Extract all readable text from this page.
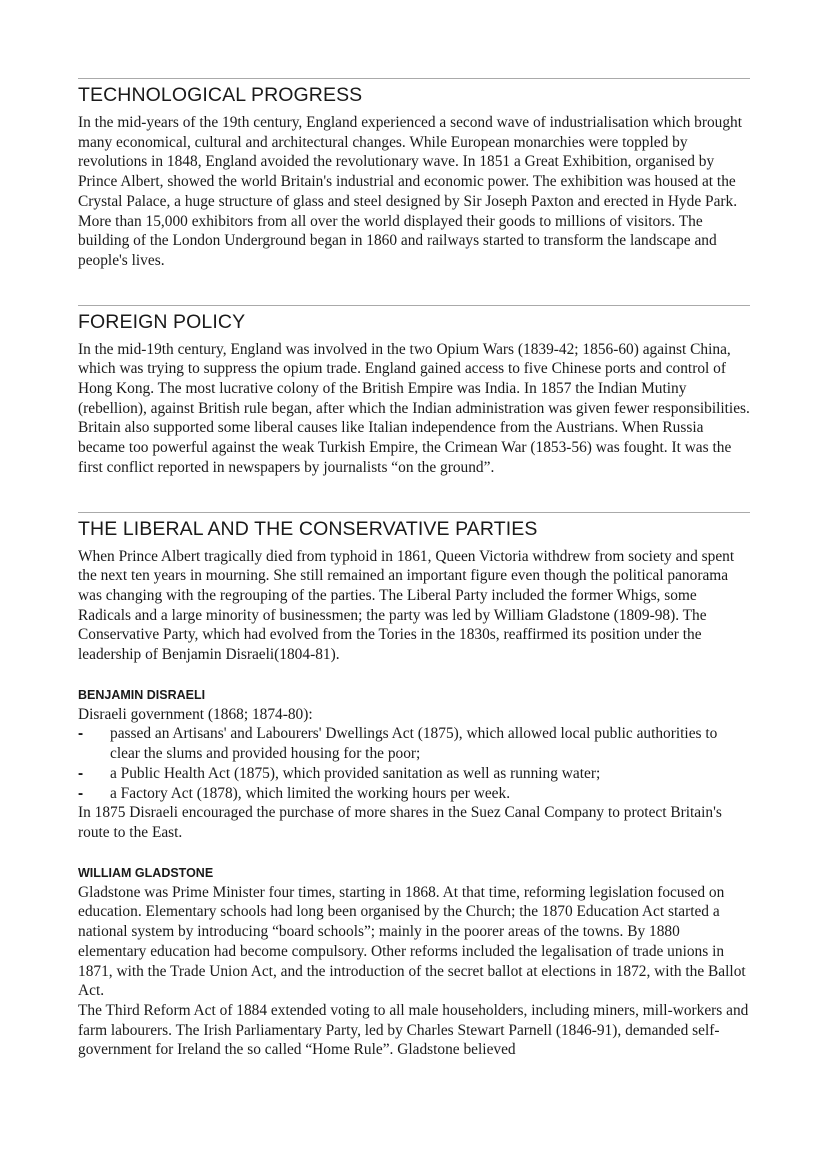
TECHNOLOGICAL PROGRESS

In the mid-years of the 19th century, England experienced a second wave of industrialisation which brought many economical, cultural and architectural changes. While European monarchies were toppled by revolutions in 1848, England avoided the revolutionary wave. In 1851 a Great Exhibition, organised by Prince Albert, showed the world Britain's industrial and economic power. The exhibition was housed at the Crystal Palace, a huge structure of glass and steel designed by Sir Joseph Paxton and erected in Hyde Park. More than 15,000 exhibitors from all over the world displayed their goods to millions of visitors. The building of the London Underground began in 1860 and railways started to transform the landscape and people's lives.

FOREIGN POLICY

In the mid-19th century, England was involved in the two Opium Wars (1839-42; 1856-60) against China, which was trying to suppress the opium trade. England gained access to five Chinese ports and control of Hong Kong. The most lucrative colony of the British Empire was India. In 1857 the Indian Mutiny (rebellion), against British rule began, after which the Indian administration was given fewer responsibilities. Britain also supported some liberal causes like Italian independence from the Austrians. When Russia became too powerful against the weak Turkish Empire, the Crimean War (1853-56) was fought. It was the first conflict reported in newspapers by journalists “on the ground”.

THE LIBERAL AND THE CONSERVATIVE PARTIES

When Prince Albert tragically died from typhoid in 1861, Queen Victoria withdrew from society and spent the next ten years in mourning. She still remained an important figure even though the political panorama was changing with the regrouping of the parties. The Liberal Party included the former Whigs, some Radicals and a large minority of businessmen; the party was led by William Gladstone (1809-98). The Conservative Party, which had evolved from the Tories in the 1830s, reaffirmed its position under the leadership of Benjamin Disraeli(1804-81).

BENJAMIN DISRAELI

Disraeli government (1868; 1874-80):

- passed an Artisans' and Labourers' Dwellings Act (1875), which allowed local public authorities to clear the slums and provided housing for the poor;
- a Public Health Act (1875), which provided sanitation as well as running water;
- a Factory Act (1878), which limited the working hours per week.

In 1875 Disraeli encouraged the purchase of more shares in the Suez Canal Company to protect Britain's route to the East.

WILLIAM GLADSTONE

Gladstone was Prime Minister four times, starting in 1868. At that time, reforming legislation focused on education. Elementary schools had long been organised by the Church; the 1870 Education Act started a national system by introducing “board schools”; mainly in the poorer areas of the towns. By 1880 elementary education had become compulsory. Other reforms included the legalisation of trade unions in 1871, with the Trade Union Act, and the introduction of the secret ballot at elections in 1872, with the Ballot Act.

The Third Reform Act of 1884 extended voting to all male householders, including miners, mill-workers and farm labourers. The Irish Parliamentary Party, led by Charles Stewart Parnell (1846-91), demanded self-government for Ireland the so called “Home Rule”. Gladstone believed
